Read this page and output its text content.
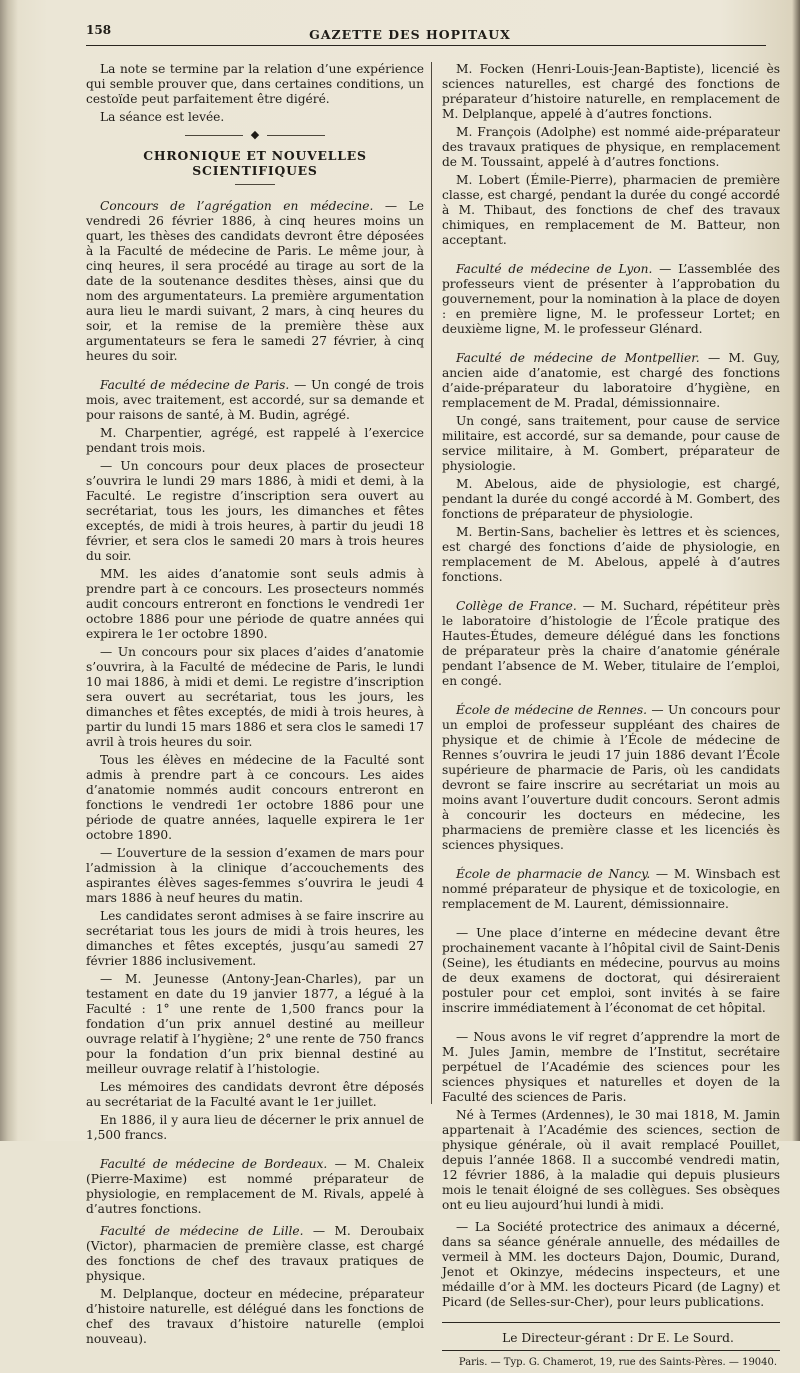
158	GAZETTE DES HOPITAUX

La note se termine par la relation d’une expérience qui semble prouver que, dans certaines conditions, un cestoïde peut parfaitement être digéré.

La séance est levée.

◆
CHRONIQUE ET NOUVELLES SCIENTIFIQUES

Concours de l’agrégation en médecine. — Le vendredi 26 février 1886, à cinq heures moins un quart, les thèses des candidats devront être déposées à la Faculté de médecine de Paris. Le même jour, à cinq heures, il sera procédé au tirage au sort de la date de la soutenance desdites thèses, ainsi que du nom des argumentateurs. La première argumentation aura lieu le mardi suivant, 2 mars, à cinq heures du soir, et la remise de la première thèse aux argumentateurs se fera le samedi 27 février, à cinq heures du soir.

Faculté de médecine de Paris. — Un congé de trois mois, avec traitement, est accordé, sur sa demande et pour raisons de santé, à M. Budin, agrégé.

M. Charpentier, agrégé, est rappelé à l’exercice pendant trois mois.

— Un concours pour deux places de prosecteur s’ouvrira le lundi 29 mars 1886, à midi et demi, à la Faculté. Le registre d’inscription sera ouvert au secrétariat, tous les jours, les dimanches et fêtes exceptés, de midi à trois heures, à partir du jeudi 18 février, et sera clos le samedi 20 mars à trois heures du soir.

MM. les aides d’anatomie sont seuls admis à prendre part à ce concours. Les prosecteurs nommés audit concours entreront en fonctions le vendredi 1er octobre 1886 pour une période de quatre années qui expirera le 1er octobre 1890.

— Un concours pour six places d’aides d’anatomie s’ouvrira, à la Faculté de médecine de Paris, le lundi 10 mai 1886, à midi et demi. Le registre d’inscription sera ouvert au secrétariat, tous les jours, les dimanches et fêtes exceptés, de midi à trois heures, à partir du lundi 15 mars 1886 et sera clos le samedi 17 avril à trois heures du soir.

Tous les élèves en médecine de la Faculté sont admis à prendre part à ce concours. Les aides d’anatomie nommés audit concours entreront en fonctions le vendredi 1er octobre 1886 pour une période de quatre années, laquelle expirera le 1er octobre 1890.

— L’ouverture de la session d’examen de mars pour l’admission à la clinique d’accouchements des aspirantes élèves sages-femmes s’ouvrira le jeudi 4 mars 1886 à neuf heures du matin.

Les candidates seront admises à se faire inscrire au secrétariat tous les jours de midi à trois heures, les dimanches et fêtes exceptés, jusqu’au samedi 27 février 1886 inclusivement.

— M. Jeunesse (Antony-Jean-Charles), par un testament en date du 19 janvier 1877, a légué à la Faculté : 1° une rente de 1,500 francs pour la fondation d’un prix annuel destiné au meilleur ouvrage relatif à l’hygiène; 2° une rente de 750 francs pour la fondation d’un prix biennal destiné au meilleur ouvrage relatif à l’histologie.

Les mémoires des candidats devront être déposés au secrétariat de la Faculté avant le 1er juillet.

En 1886, il y aura lieu de décerner le prix annuel de 1,500 francs.

Faculté de médecine de Bordeaux. — M. Chaleix (Pierre-Maxime) est nommé préparateur de physiologie, en remplacement de M. Rivals, appelé à d’autres fonctions.

Faculté de médecine de Lille. — M. Deroubaix (Victor), pharmacien de première classe, est chargé des fonctions de chef des travaux pratiques de physique.

M. Delplanque, docteur en médecine, préparateur d’histoire naturelle, est délégué dans les fonctions de chef des travaux d’histoire naturelle (emploi nouveau).

M. Focken (Henri-Louis-Jean-Baptiste), licencié ès sciences naturelles, est chargé des fonctions de préparateur d’histoire naturelle, en remplacement de M. Delplanque, appelé à d’autres fonctions.

M. François (Adolphe) est nommé aide-préparateur des travaux pratiques de physique, en remplacement de M. Toussaint, appelé à d’autres fonctions.

M. Lobert (Émile-Pierre), pharmacien de première classe, est chargé, pendant la durée du congé accordé à M. Thibaut, des fonctions de chef des travaux chimiques, en remplacement de M. Batteur, non acceptant.

Faculté de médecine de Lyon. — L’assemblée des professeurs vient de présenter à l’approbation du gouvernement, pour la nomination à la place de doyen : en première ligne, M. le professeur Lortet; en deuxième ligne, M. le professeur Glénard.

Faculté de médecine de Montpellier. — M. Guy, ancien aide d’anatomie, est chargé des fonctions d’aide-préparateur du laboratoire d’hygiène, en remplacement de M. Pradal, démissionnaire.

Un congé, sans traitement, pour cause de service militaire, est accordé, sur sa demande, pour cause de service militaire, à M. Gombert, préparateur de physiologie.

M. Abelous, aide de physiologie, est chargé, pendant la durée du congé accordé à M. Gombert, des fonctions de préparateur de physiologie.

M. Bertin-Sans, bachelier ès lettres et ès sciences, est chargé des fonctions d’aide de physiologie, en remplacement de M. Abelous, appelé à d’autres fonctions.

Collège de France. — M. Suchard, répétiteur près le laboratoire d’histologie de l’École pratique des Hautes-Études, demeure délégué dans les fonctions de préparateur près la chaire d’anatomie générale pendant l’absence de M. Weber, titulaire de l’emploi, en congé.

École de médecine de Rennes. — Un concours pour un emploi de professeur suppléant des chaires de physique et de chimie à l’École de médecine de Rennes s’ouvrira le jeudi 17 juin 1886 devant l’École supérieure de pharmacie de Paris, où les candidats devront se faire inscrire au secrétariat un mois au moins avant l’ouverture dudit concours. Seront admis à concourir les docteurs en médecine, les pharmaciens de première classe et les licenciés ès sciences physiques.

École de pharmacie de Nancy. — M. Winsbach est nommé préparateur de physique et de toxicologie, en remplacement de M. Laurent, démissionnaire.

— Une place d’interne en médecine devant être prochainement vacante à l’hôpital civil de Saint-Denis (Seine), les étudiants en médecine, pourvus au moins de deux examens de doctorat, qui désireraient postuler pour cet emploi, sont invités à se faire inscrire immédiatement à l’économat de cet hôpital.

— Nous avons le vif regret d’apprendre la mort de M. Jules Jamin, membre de l’Institut, secrétaire perpétuel de l’Académie des sciences pour les sciences physiques et naturelles et doyen de la Faculté des sciences de Paris.

Né à Termes (Ardennes), le 30 mai 1818, M. Jamin appartenait à l’Académie des sciences, section de physique générale, où il avait remplacé Pouillet, depuis l’année 1868. Il a succombé vendredi matin, 12 février 1886, à la maladie qui depuis plusieurs mois le tenait éloigné de ses collègues. Ses obsèques ont eu lieu aujourd’hui lundi à midi.

— La Société protectrice des animaux a décerné, dans sa séance générale annuelle, des médailles de vermeil à MM. les docteurs Dajon, Doumic, Durand, Jenot et Okinzye, médecins inspecteurs, et une médaille d’or à MM. les docteurs Picard (de Lagny) et Picard (de Selles-sur-Cher), pour leurs publications.

Le Directeur-gérant : Dr E. Le Sourd.

Paris. — Typ. G. Chamerot, 19, rue des Saints-Pères. — 19040.
